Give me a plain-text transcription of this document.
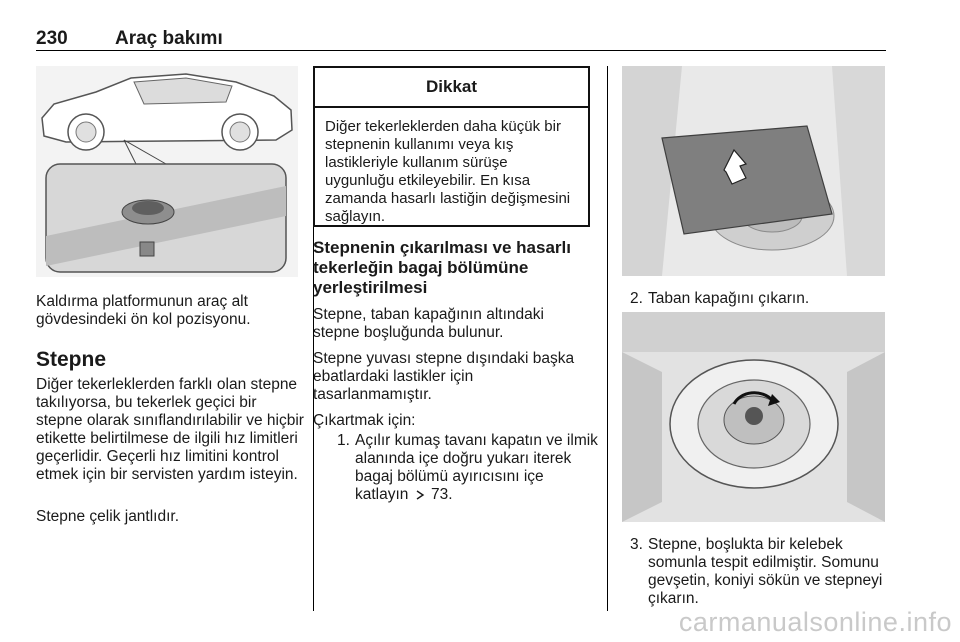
230 Araç bakımı

Kaldırma platformunun araç alt gövdesindeki ön kol pozisyonu.

Stepne

Diğer tekerleklerden farklı olan stepne takılıyorsa, bu tekerlek geçici bir stepne olarak sınıflandırılabilir ve hiçbir etikette belirtilmese de ilgili hız limitleri geçerlidir. Geçerli hız limitini kontrol etmek için bir servisten yardım isteyin.

Stepne çelik jantlıdır.

Dikkat
Diğer tekerleklerden daha küçük bir stepnenin kullanımı veya kış lastikleriyle kullanım sürüşe uygunluğu etkileyebilir. En kısa zamanda hasarlı lastiğin değişmesini sağlayın.
Stepnenin çıkarılması ve hasarlı tekerleğin bagaj bölümüne yerleştirilmesi

Stepne, taban kapağının altındaki stepne boşluğunda bulunur.

Stepne yuvası stepne dışındaki başka ebatlardaki lastikler için tasarlanmamıştır.

Çıkartmak için:

1. Açılır kumaş tavanı kapatın ve ilmik alanında içe doğru yukarı iterek bagaj bölümü ayırıcısını içe katlayın 73.

2. Taban kapağını çıkarın.

3. Stepne, boşlukta bir kelebek somunla tespit edilmiştir. Somunu gevşetin, koniyi sökün ve stepneyi çıkarın.

carmanualsonline.info
